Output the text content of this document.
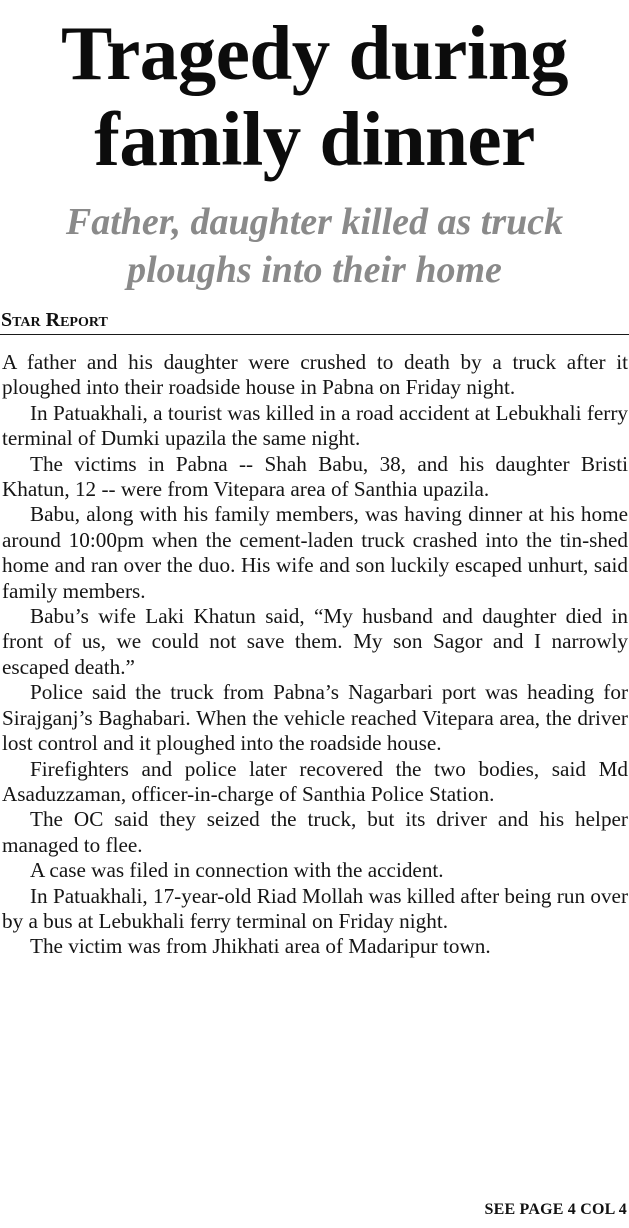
Tragedy during family dinner
Father, daughter killed as truck ploughs into their home
Star Report

A father and his daughter were crushed to death by a truck after it ploughed into their roadside house in Pabna on Friday night.

In Patuakhali, a tourist was killed in a road accident at Lebukhali ferry terminal of Dumki upazila the same night.

The victims in Pabna -- Shah Babu, 38, and his daughter Bristi Khatun, 12 -- were from Vitepara area of Santhia upazila.

Babu, along with his family members, was having dinner at his home around 10:00pm when the cement-laden truck crashed into the tin-shed home and ran over the duo. His wife and son luckily escaped unhurt, said family members.

Babu’s wife Laki Khatun said, “My husband and daughter died in front of us, we could not save them. My son Sagor and I narrowly escaped death.”

Police said the truck from Pabna’s Nagarbari port was heading for Sirajganj’s Baghabari. When the vehicle reached Vitepara area, the driver lost control and it ploughed into the roadside house.

Firefighters and police later recovered the two bodies, said Md Asaduzzaman, officer-in-charge of Santhia Police Station.

The OC said they seized the truck, but its driver and his helper managed to flee.

A case was filed in connection with the accident.

In Patuakhali, 17-year-old Riad Mollah was killed after being run over by a bus at Lebukhali ferry terminal on Friday night.

The victim was from Jhikhati area of Madaripur town.

SEE PAGE 4 COL 4
